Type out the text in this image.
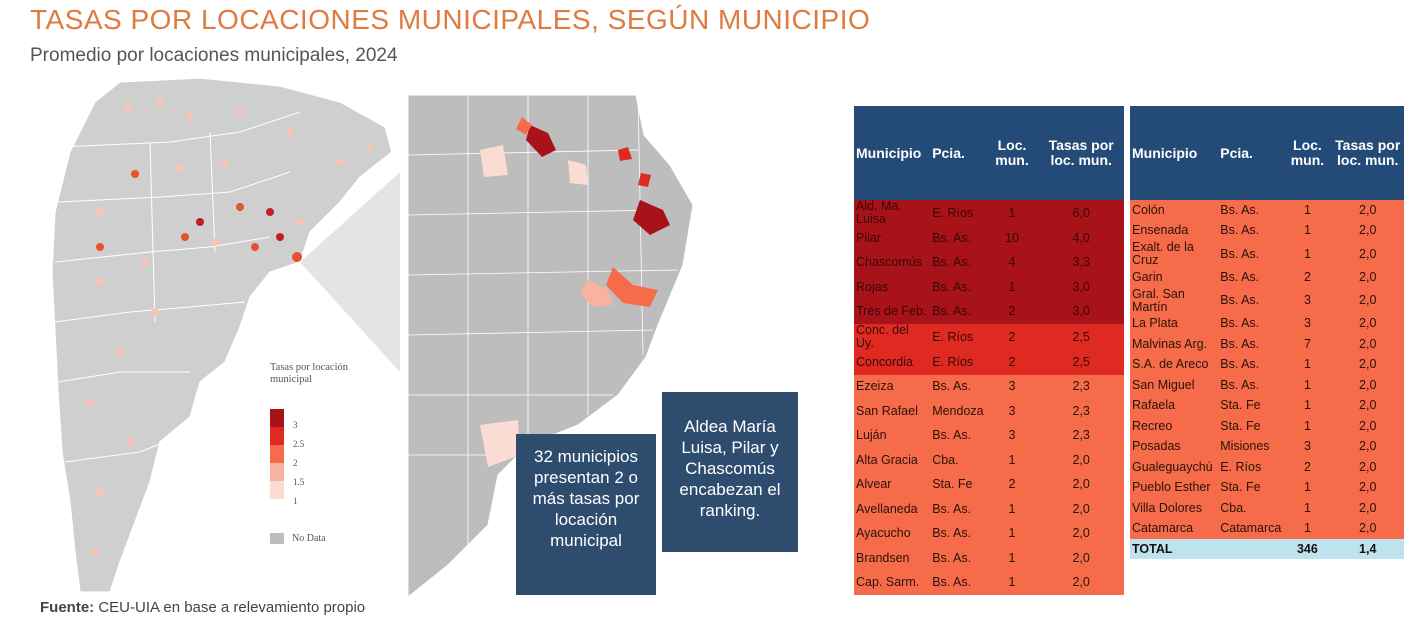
TASAS POR LOCACIONES MUNICIPALES, SEGÚN MUNICIPIO
Promedio por locaciones municipales, 2024
Tasas por locación municipal
3
2.5
2
1.5
1
No Data
32 municipios presentan 2 o más tasas por locación municipal
Aldea María Luisa, Pilar y Chascomús encabezan el ranking.
Municipio	Pcia.	Loc. mun.	Tasas por loc. mun.
Ald. Ma. Luisa	E. Ríos	1	6,0
Pilar	Bs. As.	10	4,0
Chascomús	Bs. As.	4	3,3
Rojas	Bs. As.	1	3,0
Tres de Feb.	Bs. As.	2	3,0
Conc. del Uy.	E. Ríos	2	2,5
Concordia	E. Ríos	2	2,5
Ezeiza	Bs. As.	3	2,3
San Rafael	Mendoza	3	2,3
Luján	Bs. As.	3	2,3
Alta Gracia	Cba.	1	2,0
Alvear	Sta. Fe	2	2,0
Avellaneda	Bs. As.	1	2,0
Ayacucho	Bs. As.	1	2,0
Brandsen	Bs. As.	1	2,0
Cap. Sarm.	Bs. As.	1	2,0
Municipio	Pcia.	Loc. mun.	Tasas por loc. mun.
Colón	Bs. As.	1	2,0
Ensenada	Bs. As.	1	2,0
Exalt. de la Cruz	Bs. As.	1	2,0
Garin	Bs. As.	2	2,0
Gral. San Martín	Bs. As.	3	2,0
La Plata	Bs. As.	3	2,0
Malvinas Arg.	Bs. As.	7	2,0
S.A. de Areco	Bs. As.	1	2,0
San Miguel	Bs. As.	1	2,0
Rafaela	Sta. Fe	1	2,0
Recreo	Sta. Fe	1	2,0
Posadas	Misiones	3	2,0
Gualeguaychú	E. Ríos	2	2,0
Pueblo Esther	Sta. Fe	1	2,0
Villa Dolores	Cba.	1	2,0
Catamarca	Catamarca	1	2,0
TOTAL		346	1,4
Fuente: CEU-UIA en base a relevamiento propio
